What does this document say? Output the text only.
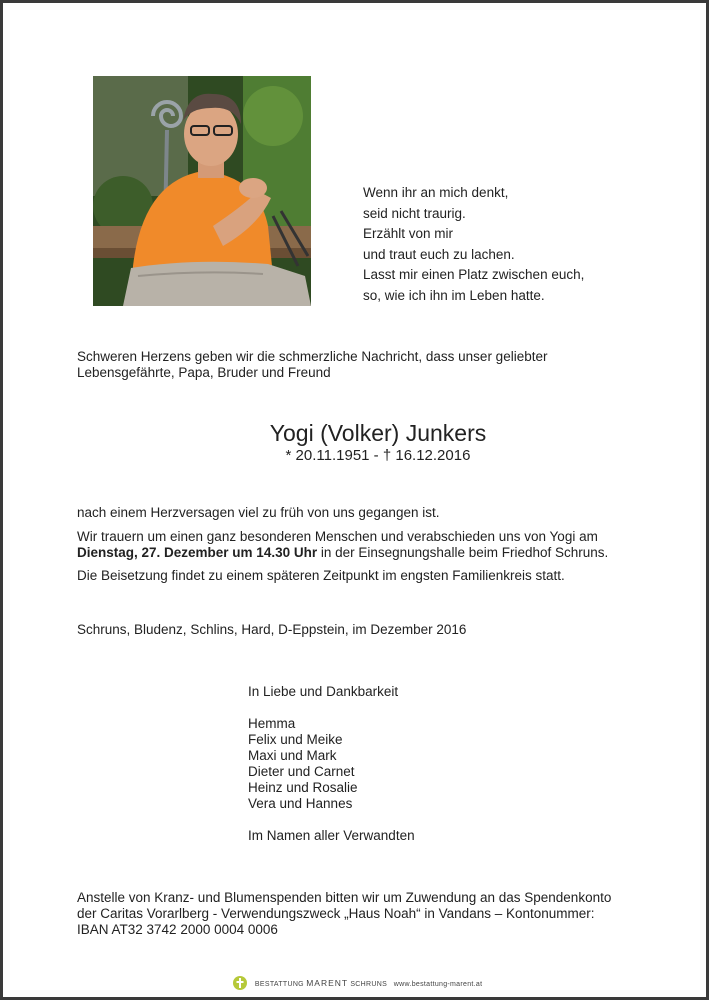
Wenn ihr an mich denkt,
seid nicht traurig.
Erzählt von mir
und traut euch zu lachen.
Lasst mir einen Platz zwischen euch,
so, wie ich ihn im Leben hatte.
Schweren Herzens geben wir die schmerzliche Nachricht, dass unser geliebter
Lebensgefährte, Papa, Bruder und Freund
Yogi (Volker) Junkers
* 20.11.1951 - † 16.12.2016
nach einem Herzversagen viel zu früh von uns gegangen ist.
Wir trauern um einen ganz besonderen Menschen und verabschieden uns von Yogi am
Dienstag, 27. Dezember um 14.30 Uhr in der Einsegnungshalle beim Friedhof Schruns.
Die Beisetzung findet zu einem späteren Zeitpunkt im engsten Familienkreis statt.
Schruns, Bludenz, Schlins, Hard, D-Eppstein, im Dezember 2016
In Liebe und Dankbarkeit
Hemma
Felix und Meike
Maxi und Mark
Dieter und Carnet
Heinz und Rosalie
Vera und Hannes
Im Namen aller Verwandten
Anstelle von Kranz- und Blumenspenden bitten wir um Zuwendung an das Spendenkonto
der Caritas Vorarlberg - Verwendungszweck „Haus Noah“ in Vandans – Kontonummer:
IBAN AT32 3742 2000 0004 0006
BESTATTUNG MARENT SCHRUNS www.bestattung-marent.at
